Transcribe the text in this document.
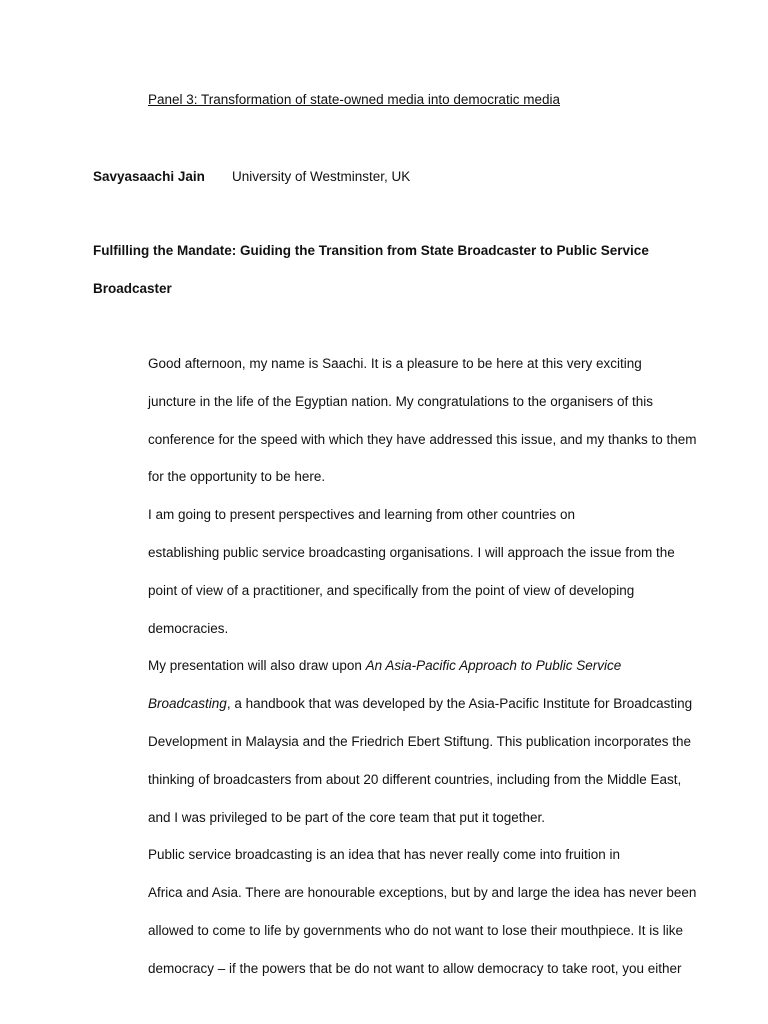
Panel 3: Transformation of state-owned media into democratic media
Savyasaachi Jain University of Westminster, UK
Fulfilling the Mandate: Guiding the Transition from State Broadcaster to Public Service
Broadcaster

Good afternoon, my name is Saachi. It is a pleasure to be here at this very exciting
juncture in the life of the Egyptian nation. My congratulations to the organisers of this
conference for the speed with which they have addressed this issue, and my thanks to them
for the opportunity to be here.

I am going to present perspectives and learning from other countries on
establishing public service broadcasting organisations. I will approach the issue from the
point of view of a practitioner, and specifically from the point of view of developing
democracies.

My presentation will also draw upon An Asia-Pacific Approach to Public Service
Broadcasting, a handbook that was developed by the Asia-Pacific Institute for Broadcasting
Development in Malaysia and the Friedrich Ebert Stiftung. This publication incorporates the
thinking of broadcasters from about 20 different countries, including from the Middle East,
and I was privileged to be part of the core team that put it together.

Public service broadcasting is an idea that has never really come into fruition in
Africa and Asia. There are honourable exceptions, but by and large the idea has never been
allowed to come to life by governments who do not want to lose their mouthpiece. It is like
democracy – if the powers that be do not want to allow democracy to take root, you either
